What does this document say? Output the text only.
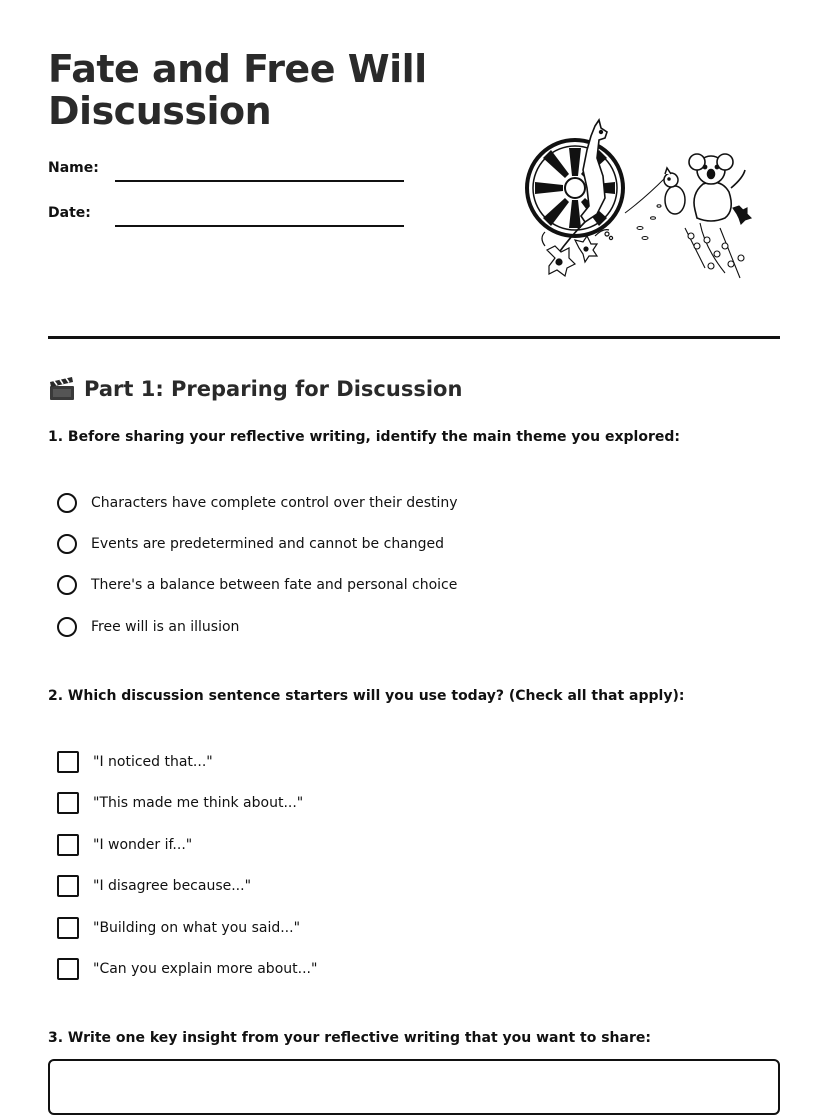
Fate and Free Will Discussion
Name:
Date:
Part 1: Preparing for Discussion

1. Before sharing your reflective writing, identify the main theme you explored:

Characters have complete control over their destiny
Events are predetermined and cannot be changed
There's a balance between fate and personal choice
Free will is an illusion

2. Which discussion sentence starters will you use today? (Check all that apply):

"I noticed that..."
"This made me think about..."
"I wonder if..."
"I disagree because..."
"Building on what you said..."
"Can you explain more about..."

3. Write one key insight from your reflective writing that you want to share:
